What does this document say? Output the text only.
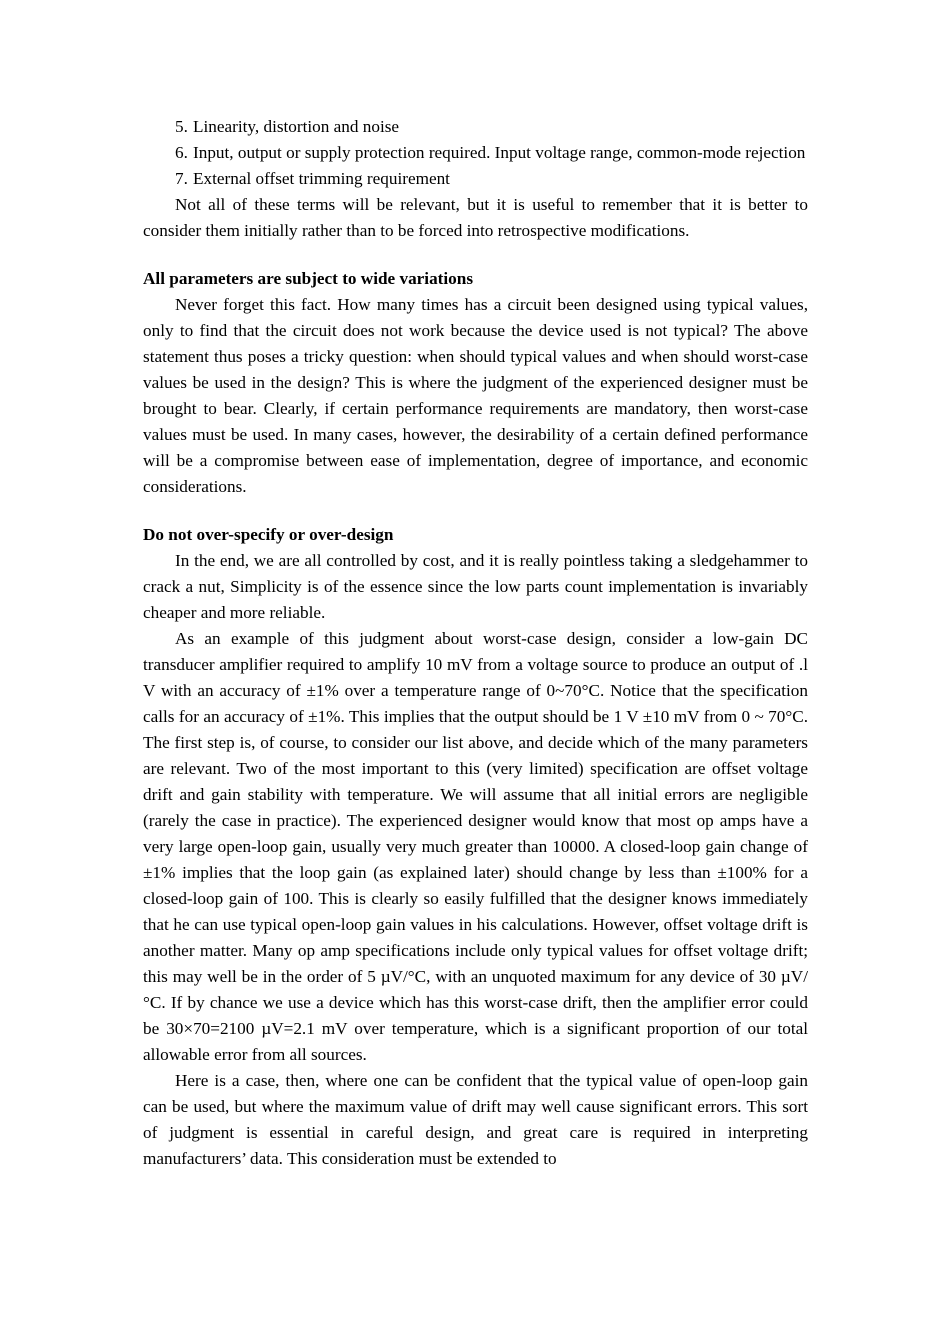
5. Linearity, distortion and noise
6. Input, output or supply protection required. Input voltage range, common-mode rejection
7. External offset trimming requirement

Not all of these terms will be relevant, but it is useful to remember that it is better to consider them initially rather than to be forced into retrospective modifications.

All parameters are subject to wide variations

Never forget this fact. How many times has a circuit been designed using typical values, only to find that the circuit does not work because the device used is not typical? The above statement thus poses a tricky question: when should typical values and when should worst-case values be used in the design? This is where the judgment of the experienced designer must be brought to bear. Clearly, if certain performance requirements are mandatory, then worst-case values must be used. In many cases, however, the desirability of a certain defined performance will be a compromise between ease of implementation, degree of importance, and economic considerations.

Do not over-specify or over-design

In the end, we are all controlled by cost, and it is really pointless taking a sledgehammer to crack a nut, Simplicity is of the essence since the low parts count implementation is invariably cheaper and more reliable.

As an example of this judgment about worst-case design, consider a low-gain DC transducer amplifier required to amplify 10 mV from a voltage source to produce an output of .l V with an accuracy of ±1% over a temperature range of 0~70°C. Notice that the specification calls for an accuracy of ±1%. This implies that the output should be 1 V ±10 mV from 0 ~ 70°C. The first step is, of course, to consider our list above, and decide which of the many parameters are relevant. Two of the most important to this (very limited) specification are offset voltage drift and gain stability with temperature. We will assume that all initial errors are negligible (rarely the case in practice). The experienced designer would know that most op amps have a very large open-loop gain, usually very much greater than 10000. A closed-loop gain change of ±1% implies that the loop gain (as explained later) should change by less than ±100% for a closed-loop gain of 100. This is clearly so easily fulfilled that the designer knows immediately that he can use typical open-loop gain values in his calculations. However, offset voltage drift is another matter. Many op amp specifications include only typical values for offset voltage drift; this may well be in the order of 5 µV/°C, with an unquoted maximum for any device of 30 µV/°C. If by chance we use a device which has this worst-case drift, then the amplifier error could be 30×70=2100 µV=2.1 mV over temperature, which is a significant proportion of our total allowable error from all sources.

Here is a case, then, where one can be confident that the typical value of open-loop gain can be used, but where the maximum value of drift may well cause significant errors. This sort of judgment is essential in careful design, and great care is required in interpreting manufacturers’ data. This consideration must be extended to
